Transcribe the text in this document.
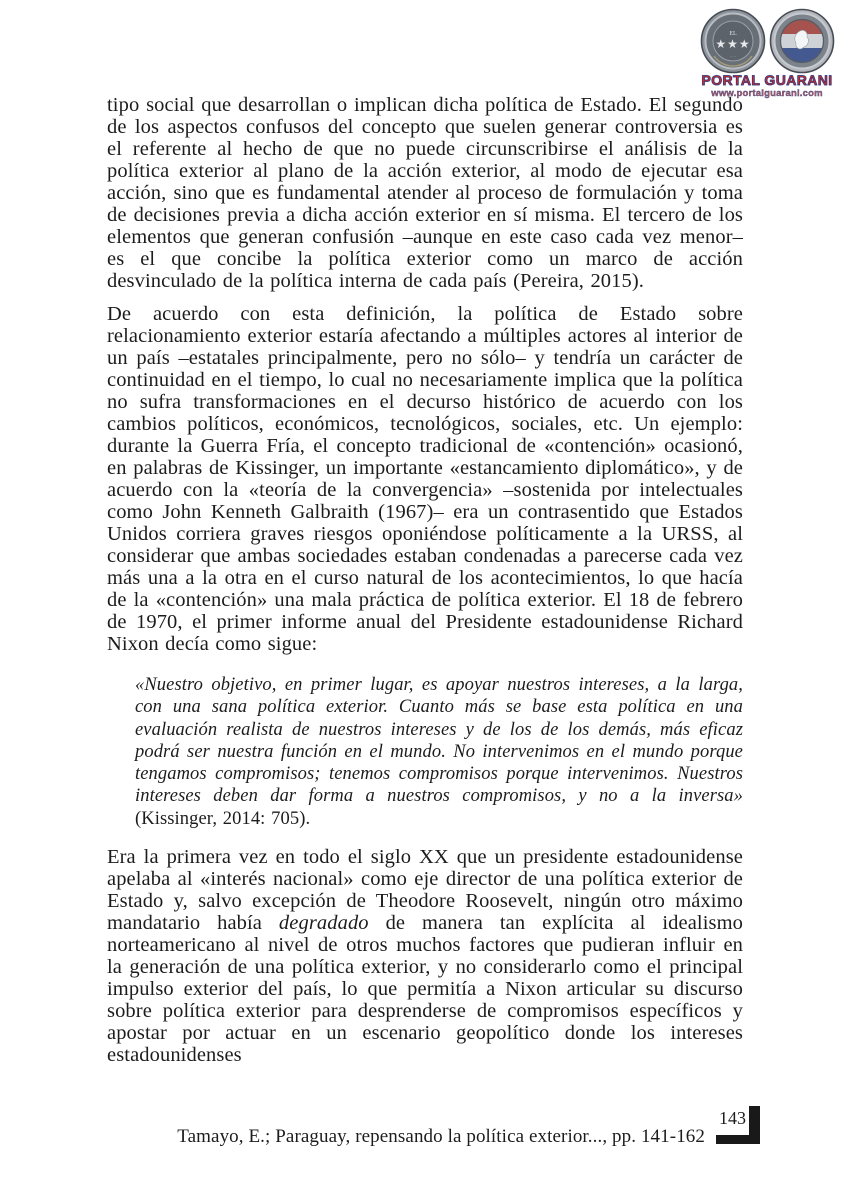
EL
★★★
· · ·
PORTAL GUARANI
www.portalguarani.com

tipo social que desarrollan o implican dicha política de Estado. El segundo de los aspectos confusos del concepto que suelen generar controversia es el referente al hecho de que no puede circunscribirse el análisis de la política exterior al plano de la acción exterior, al modo de ejecutar esa acción, sino que es fundamental atender al proceso de formulación y toma de decisiones previa a dicha acción exterior en sí misma. El tercero de los elementos que generan confusión –aunque en este caso cada vez menor– es el que concibe la política exterior como un marco de acción desvinculado de la política interna de cada país (Pereira, 2015).

De acuerdo con esta definición, la política de Estado sobre relacionamiento exterior estaría afectando a múltiples actores al interior de un país –estatales principalmente, pero no sólo– y tendría un carácter de continuidad en el tiempo, lo cual no necesariamente implica que la política no sufra transformaciones en el decurso histórico de acuerdo con los cambios políticos, económicos, tecnológicos, sociales, etc. Un ejemplo: durante la Guerra Fría, el concepto tradicional de «contención» ocasionó, en palabras de Kissinger, un importante «estancamiento diplomático», y de acuerdo con la «teoría de la convergencia» –sostenida por intelectuales como John Kenneth Galbraith (1967)– era un contrasentido que Estados Unidos corriera graves riesgos oponiéndose políticamente a la URSS, al considerar que ambas sociedades estaban condenadas a parecerse cada vez más una a la otra en el curso natural de los acontecimientos, lo que hacía de la «contención» una mala práctica de política exterior. El 18 de febrero de 1970, el primer informe anual del Presidente estadounidense Richard Nixon decía como sigue:

«Nuestro objetivo, en primer lugar, es apoyar nuestros intereses, a la larga, con una sana política exterior. Cuanto más se base esta política en una evaluación realista de nuestros intereses y de los de los demás, más eficaz podrá ser nuestra función en el mundo. No intervenimos en el mundo porque tengamos compromisos; tenemos compromisos porque intervenimos. Nuestros intereses deben dar forma a nuestros compromisos, y no a la inversa» (Kissinger, 2014: 705).

Era la primera vez en todo el siglo XX que un presidente estadounidense apelaba al «interés nacional» como eje director de una política exterior de Estado y, salvo excepción de Theodore Roosevelt, ningún otro máximo mandatario había degradado de manera tan explícita al idealismo norteamericano al nivel de otros muchos factores que pudieran influir en la generación de una política exterior, y no considerarlo como el principal impulso exterior del país, lo que permitía a Nixon articular su discurso sobre política exterior para desprenderse de compromisos específicos y apostar por actuar en un escenario geopolítico donde los intereses estadounidenses

Tamayo, E.; Paraguay, repensando la política exterior..., pp. 141-162
143
